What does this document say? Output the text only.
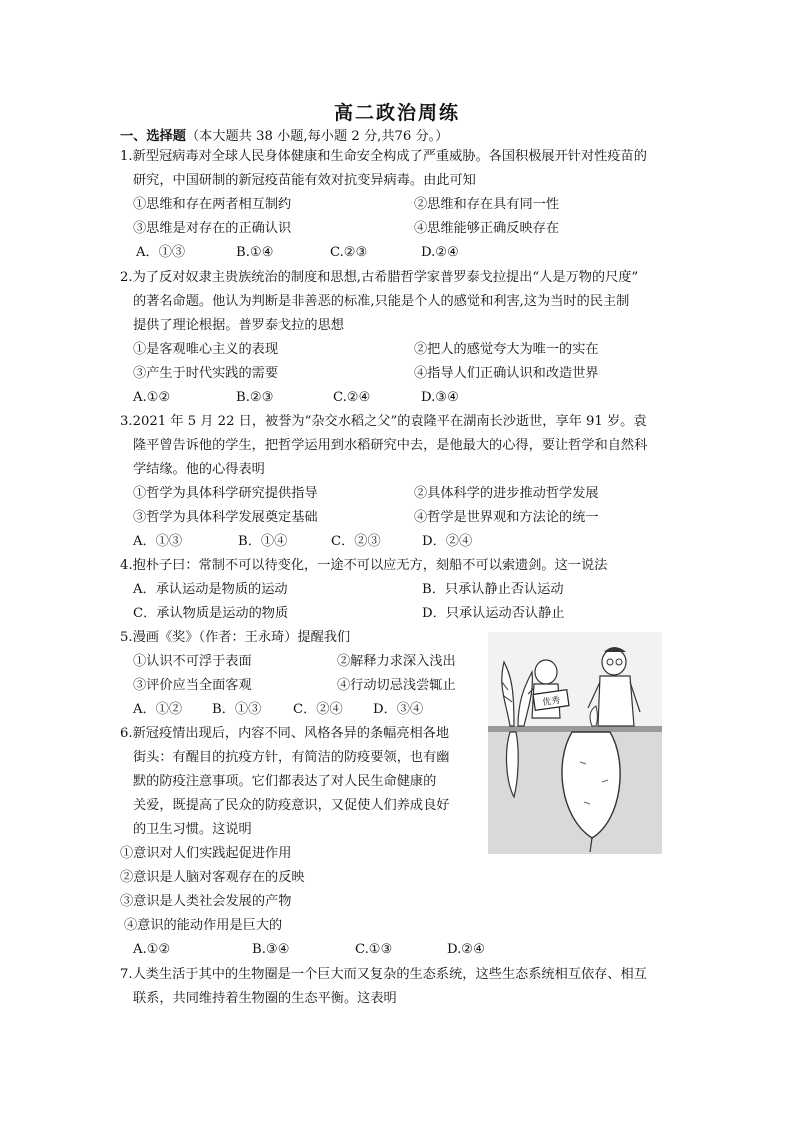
高二政治周练
一、选择题（本大题共 38 小题,每小题 2 分,共76 分。）
1.新型冠病毒对全球人民身体健康和生命安全构成了严重威胁。各国积极展开针对性疫苗的
研究，中国研制的新冠疫苗能有效对抗变异病毒。由此可知
①思维和存在两者相互制约	②思维和存在具有同一性
③思维是对存在的正确认识	④思维能够正确反映存在
A．①③	B.①④	C.②③	D.②④
2.为了反对奴隶主贵族统治的制度和思想,古希腊哲学家普罗泰戈拉提出“人是万物的尺度”
的著名命题。他认为判断是非善恶的标准,只能是个人的感觉和利害,这为当时的民主制
提供了理论根据。普罗泰戈拉的思想
①是客观唯心主义的表现	②把人的感觉夸大为唯一的实在
③产生于时代实践的需要	④指导人们正确认识和改造世界
A.①②	B.②③	C.②④	D.③④
3.2021 年 5 月 22 日，被誉为“杂交水稻之父”的袁隆平在湖南长沙逝世，享年 91 岁。袁
隆平曾告诉他的学生，把哲学运用到水稻研究中去，是他最大的心得，要让哲学和自然科
学结缘。他的心得表明
①哲学为具体科学研究提供指导	②具体科学的进步推动哲学发展
③哲学为具体科学发展奠定基础	④哲学是世界观和方法论的统一
A．①③	B．①④	C．②③	D．②④
4.抱朴子曰：常制不可以待变化，一途不可以应无方，刻船不可以索遗剑。这一说法
A．承认运动是物质的运动	B．只承认静止否认运动
C．承认物质是运动的物质	D．只承认运动否认静止
5.漫画《奖》（作者：王永琦）提醒我们
①认识不可浮于表面	②解释力求深入浅出
③评价应当全面客观	④行动切忌浅尝辄止
A．①② B．①③ C．②④ D．③④
优秀
6.新冠疫情出现后，内容不同、风格各异的条幅亮相各地
街头：有醒目的抗疫方针，有简洁的防疫要领，也有幽
默的防疫注意事项。它们都表达了对人民生命健康的
关爱，既提高了民众的防疫意识，又促使人们养成良好
的卫生习惯。这说明
①意识对人们实践起促进作用
②意识是人脑对客观存在的反映
③意识是人类社会发展的产物
④意识的能动作用是巨大的
A.①②	B.③④	C.①③	D.②④
7.人类生活于其中的生物圈是一个巨大而又复杂的生态系统，这些生态系统相互依存、相互
联系，共同维持着生物圈的生态平衡。这表明
